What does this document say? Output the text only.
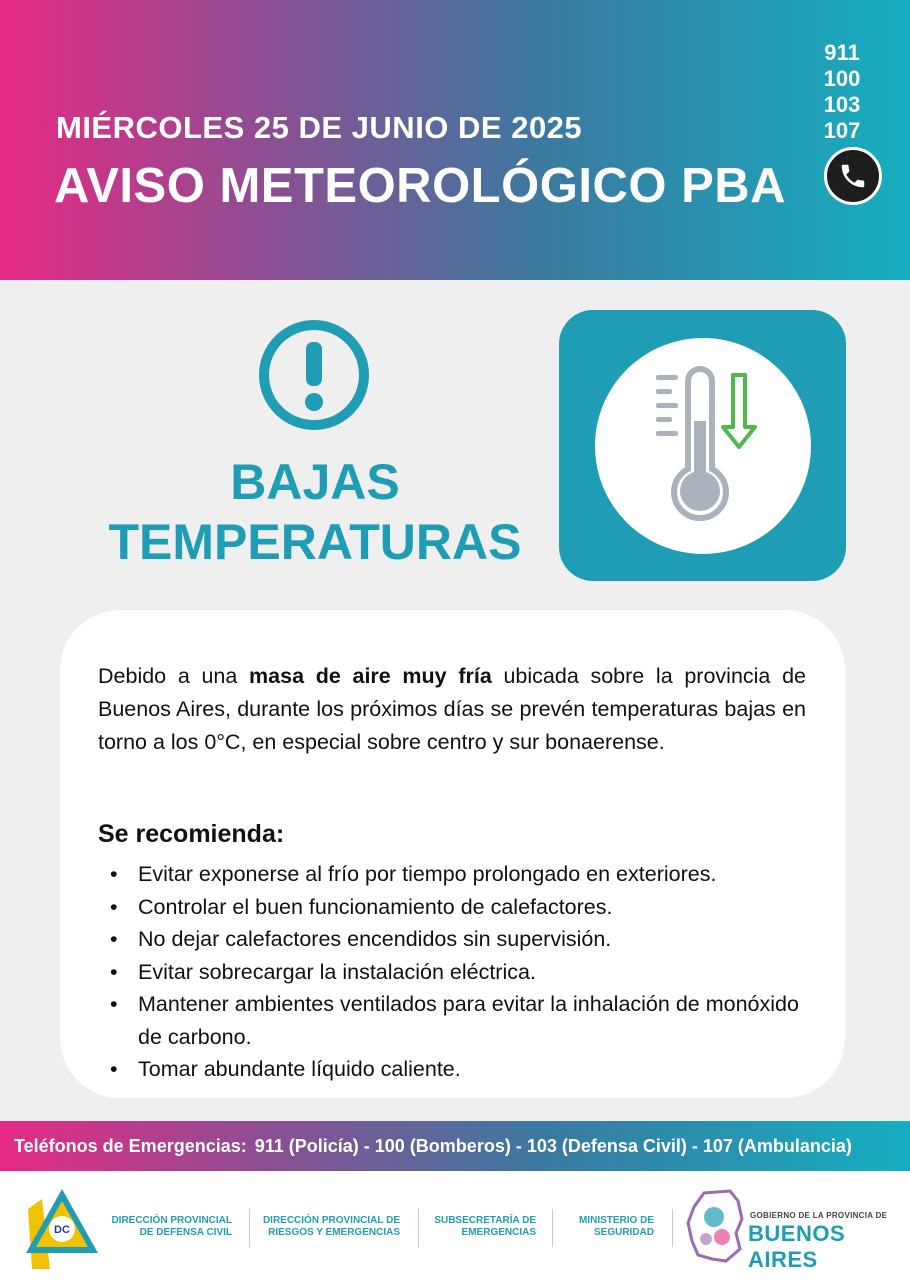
MIÉRCOLES 25 DE JUNIO DE 2025
AVISO METEOROLÓGICO PBA
911
100
103
107
BAJAS
TEMPERATURAS

Debido a una masa de aire muy fría ubicada sobre la provincia de Buenos Aires, durante los próximos días se prevén temperaturas bajas en torno a los 0°C, en especial sobre centro y sur bonaerense.

Se recomienda:
• Evitar exponerse al frío por tiempo prolongado en exteriores.
• Controlar el buen funcionamiento de calefactores.
• No dejar calefactores encendidos sin supervisión.
• Evitar sobrecargar la instalación eléctrica.
• Mantener ambientes ventilados para evitar la inhalación de monóxido de carbono.
• Tomar abundante líquido caliente.
Teléfonos de Emergencias: 911 (Policía) - 100 (Bomberos) - 103 (Defensa Civil) - 107 (Ambulancia)
DC
DIRECCIÓN PROVINCIAL
DE DEFENSA CIVIL
DIRECCIÓN PROVINCIAL DE
RIESGOS Y EMERGENCIAS
SUBSECRETARÍA DE
EMERGENCIAS
MINISTERIO DE
SEGURIDAD
GOBIERNO DE LA PROVINCIA DE
BUENOS AIRES
